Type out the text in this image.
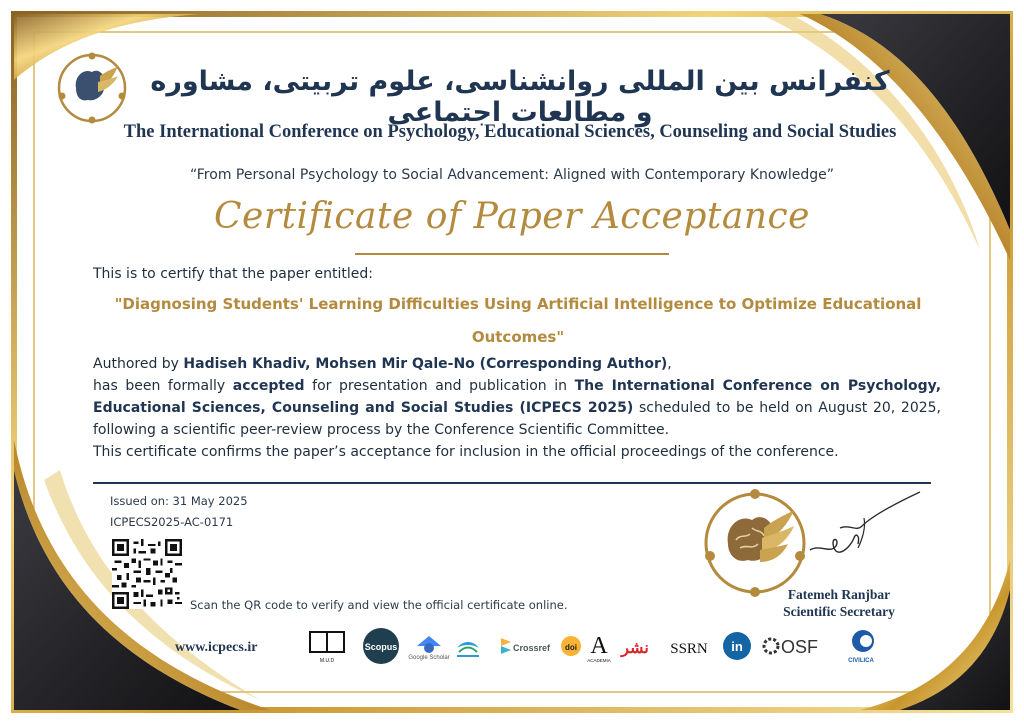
کنفرانس بین المللی روانشناسی، علوم تربیتی، مشاوره و مطالعات اجتماعی
The International Conference on Psychology, Educational Sciences, Counseling and Social Studies
“From Personal Psychology to Social Advancement: Aligned with Contemporary Knowledge”
Certificate of Paper Acceptance
This is to certify that the paper entitled:
"Diagnosing Students' Learning Difficulties Using Artificial Intelligence to Optimize Educational Outcomes"
Authored by Hadiseh Khadiv, Mohsen Mir Qale-No (Corresponding Author),
has been formally accepted for presentation and publication in The International Conference on Psychology, Educational Sciences, Counseling and Social Studies (ICPECS 2025) scheduled to be held on August 20, 2025, following a scientific peer-review process by the Conference Scientific Committee.
This certificate confirms the paper’s acceptance for inclusion in the official proceedings of the conference.
Issued on: 31 May 2025
ICPECS2025-AC-0171
Scan the QR code to verify and view the official certificate online.
Fatemeh Ranjbar
Scientific Secretary
www.icpecs.ir
M.U.D
Scopus
Google Scholar
Crossref doi A
ACADEMIA
نشر SSRN in OSF
CIVILICA
